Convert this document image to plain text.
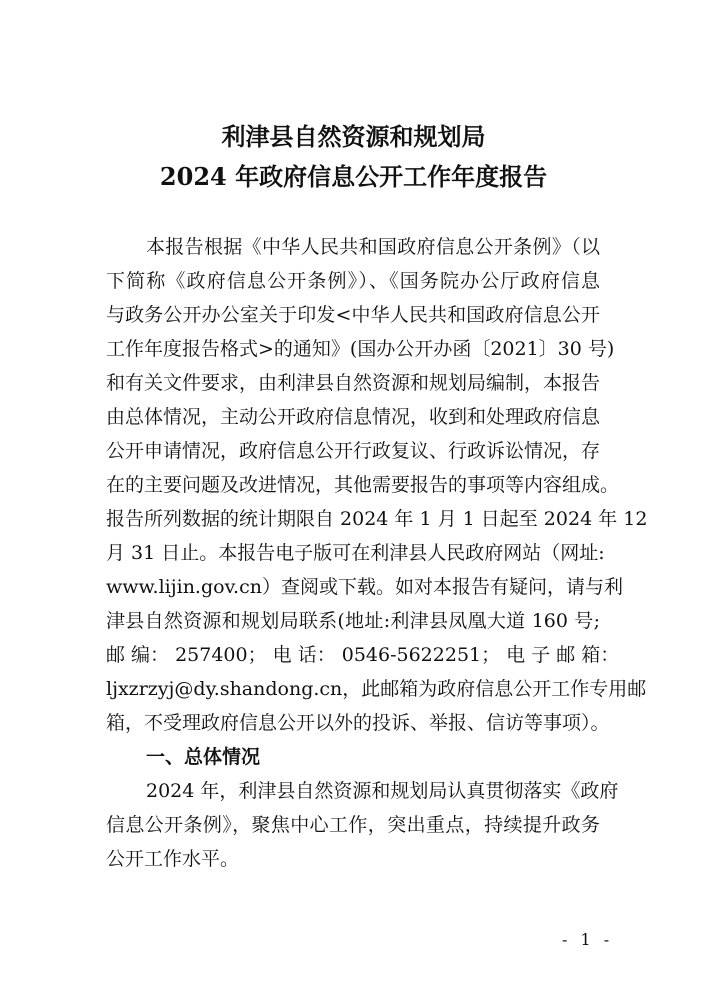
利津县自然资源和规划局
2024 年政府信息公开工作年度报告
本报告根据《中华人民共和国政府信息公开条例》（以
下简称《政府信息公开条例》）、《国务院办公厅政府信息
与政务公开办公室关于印发<中华人民共和国政府信息公开
工作年度报告格式>的通知》(国办公开办函〔2021〕30 号)
和有关文件要求，由利津县自然资源和规划局编制，本报告
由总体情况，主动公开政府信息情况，收到和处理政府信息
公开申请情况，政府信息公开行政复议、行政诉讼情况，存
在的主要问题及改进情况，其他需要报告的事项等内容组成。
报告所列数据的统计期限自 2024 年 1 月 1 日起至 2024 年 12
月 31 日止。本报告电子版可在利津县人民政府网站（网址:
www.lijin.gov.cn）查阅或下载。如对本报告有疑问，请与利
津县自然资源和规划局联系(地址:利津县凤凰大道 160 号;
邮 编： 257400； 电 话： 0546-5622251； 电 子 邮 箱：
ljxzrzyj@dy.shandong.cn，此邮箱为政府信息公开工作专用邮
箱，不受理政府信息公开以外的投诉、举报、信访等事项）。
一、总体情况
2024 年，利津县自然资源和规划局认真贯彻落实《政府
信息公开条例》，聚焦中心工作，突出重点，持续提升政务
公开工作水平。
- 1 -
